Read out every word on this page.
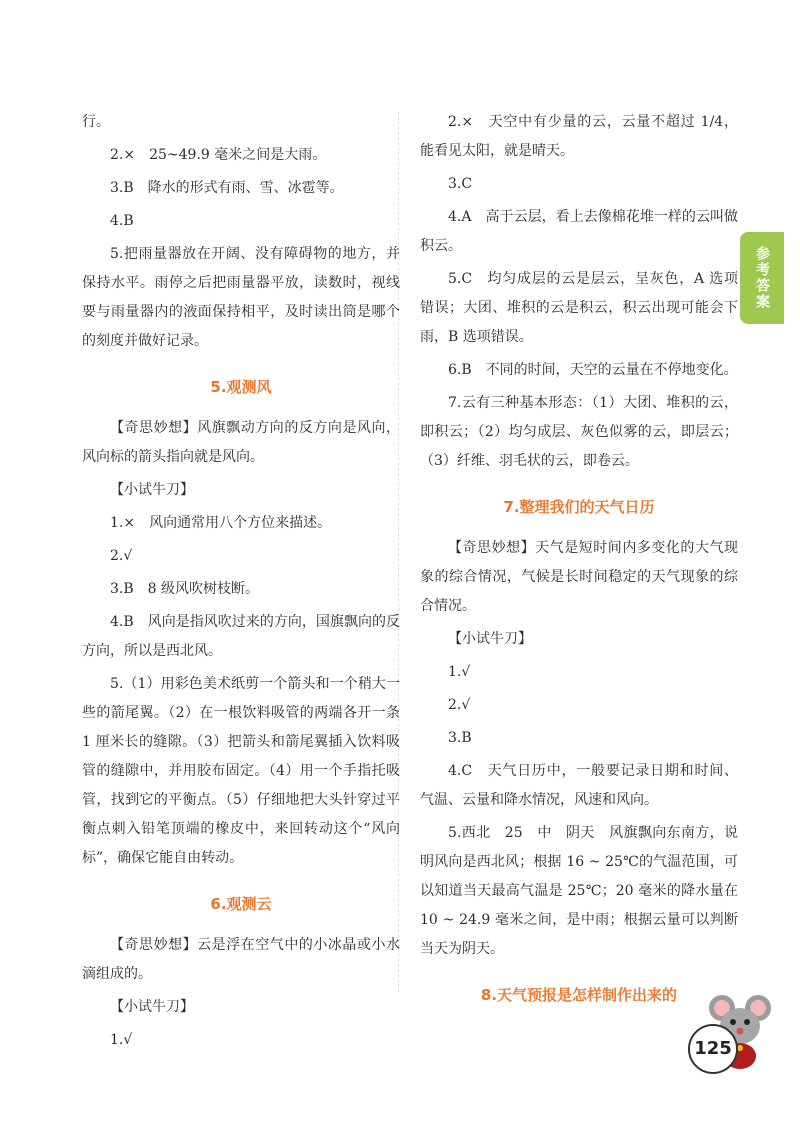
行。

2.×　25~49.9 毫米之间是大雨。

3.B　降水的形式有雨、雪、冰雹等。

4.B

5.把雨量器放在开阔、没有障碍物的地方，并保持水平。雨停之后把雨量器平放，读数时，视线要与雨量器内的液面保持相平，及时读出筒是哪个的刻度并做好记录。

5.观测风

【奇思妙想】风旗飘动方向的反方向是风向，风向标的箭头指向就是风向。

【小试牛刀】

1.×　风向通常用八个方位来描述。

2.√

3.B　8 级风吹树枝断。

4.B　风向是指风吹过来的方向，国旗飘向的反方向，所以是西北风。

5.（1）用彩色美术纸剪一个箭头和一个稍大一些的箭尾翼。（2）在一根饮料吸管的两端各开一条 1 厘米长的缝隙。（3）把箭头和箭尾翼插入饮料吸管的缝隙中，并用胶布固定。（4）用一个手指托吸管，找到它的平衡点。（5）仔细地把大头针穿过平衡点刺入铅笔顶端的橡皮中，来回转动这个“风向标”，确保它能自由转动。

6.观测云

【奇思妙想】云是浮在空气中的小冰晶或小水滴组成的。

【小试牛刀】

1.√

2.×　天空中有少量的云，云量不超过 1/4，能看见太阳，就是晴天。

3.C

4.A　高于云层，看上去像棉花堆一样的云叫做积云。

5.C　均匀成层的云是层云，呈灰色，A 选项错误；大团、堆积的云是积云，积云出现可能会下雨，B 选项错误。

6.B　不同的时间，天空的云量在不停地变化。

7.云有三种基本形态：（1）大团、堆积的云，即积云；（2）均匀成层、灰色似雾的云，即层云；（3）纤维、羽毛状的云，即卷云。

7.整理我们的天气日历

【奇思妙想】天气是短时间内多变化的大气现象的综合情况，气候是长时间稳定的天气现象的综合情况。

【小试牛刀】

1.√

2.√

3.B

4.C　天气日历中，一般要记录日期和时间、气温、云量和降水情况，风速和风向。

5.西北　25　中　阴天　风旗飘向东南方，说明风向是西北风；根据 16 ~ 25℃的气温范围，可以知道当天最高气温是 25℃；20 毫米的降水量在 10 ~ 24.9 毫米之间，是中雨；根据云量可以判断当天为阴天。

8.天气预报是怎样制作出来的
参考答案
125
